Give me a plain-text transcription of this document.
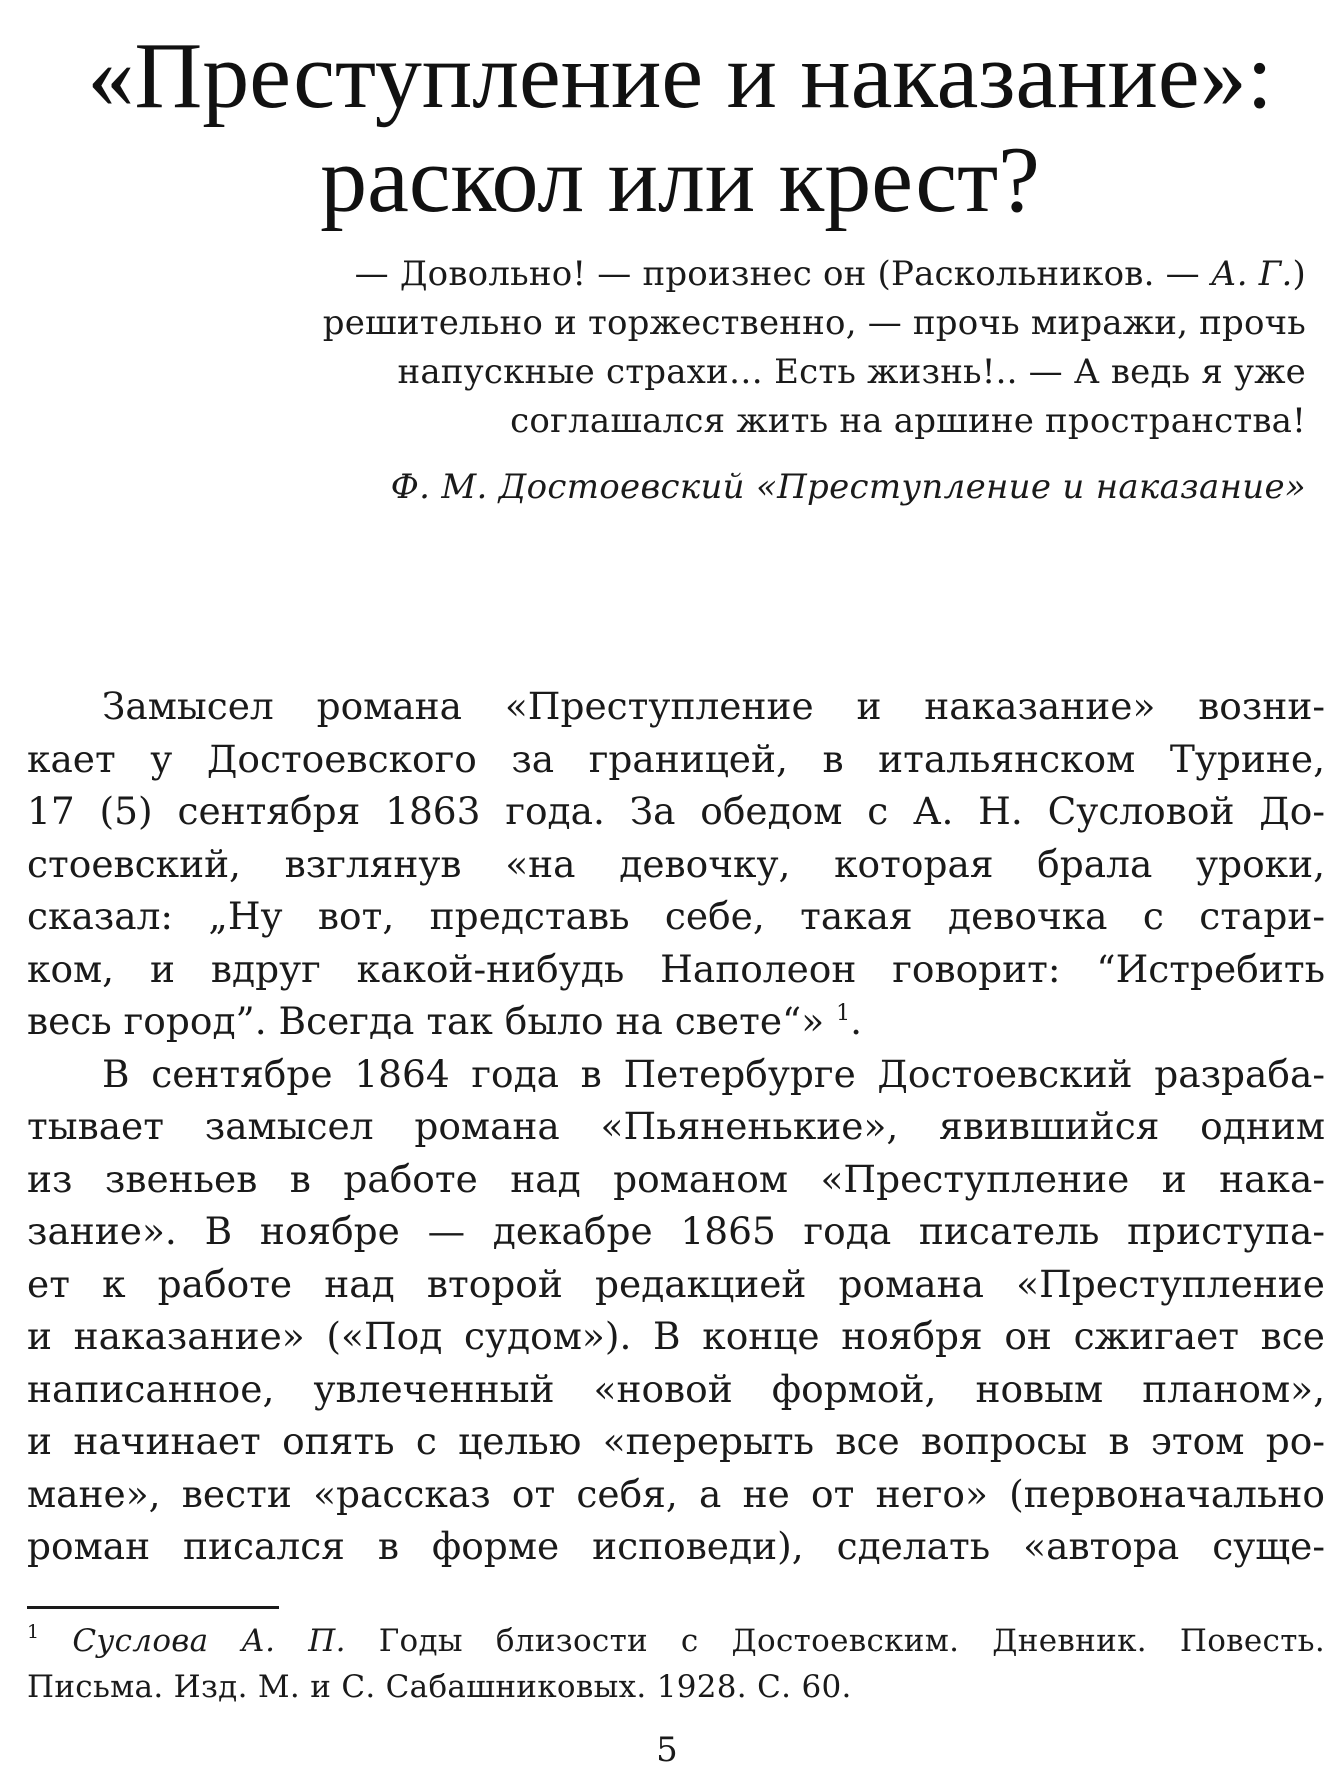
«Преступление и наказание»:
раскол или крест?
— Довольно! — произнес он (Раскольников. — А. Г.)
решительно и торжественно, — прочь миражи, прочь
напускные страхи… Есть жизнь!.. — А ведь я уже
соглашался жить на аршине пространства!
Ф. М. Достоевский «Преступление и наказание»
Замысел романа «Преступление и наказание» возни-
кает у Достоевского за границей, в итальянском Турине,
17 (5) сентября 1863 года. За обедом с А. Н. Сусловой До-
стоевский, взглянув «на девочку, которая брала уроки,
сказал: „Ну вот, представь себе, такая девочка с стари-
ком, и вдруг какой-нибудь Наполеон говорит: “Истребить
весь город”. Всегда так было на свете“» $^1$.
В сентябре 1864 года в Петербурге Достоевский разраба-
тывает замысел романа «Пьяненькие», явившийся одним
из звеньев в работе над романом «Преступление и нака-
зание». В ноябре — декабре 1865 года писатель приступа-
ет к работе над второй редакцией романа «Преступление
и наказание» («Под судом»). В конце ноября он сжигает все
написанное, увлеченный «новой формой, новым планом»,
и начинает опять с целью «перерыть все вопросы в этом ро-
мане», вести «рассказ от себя, а не от него» (первоначально
роман писался в форме исповеди), сделать «автора суще-
$^1$ Суслова А. П. Годы близости с Достоевским. Дневник. Повесть.
Письма. Изд. М. и С. Сабашниковых. 1928. С. 60.
5
